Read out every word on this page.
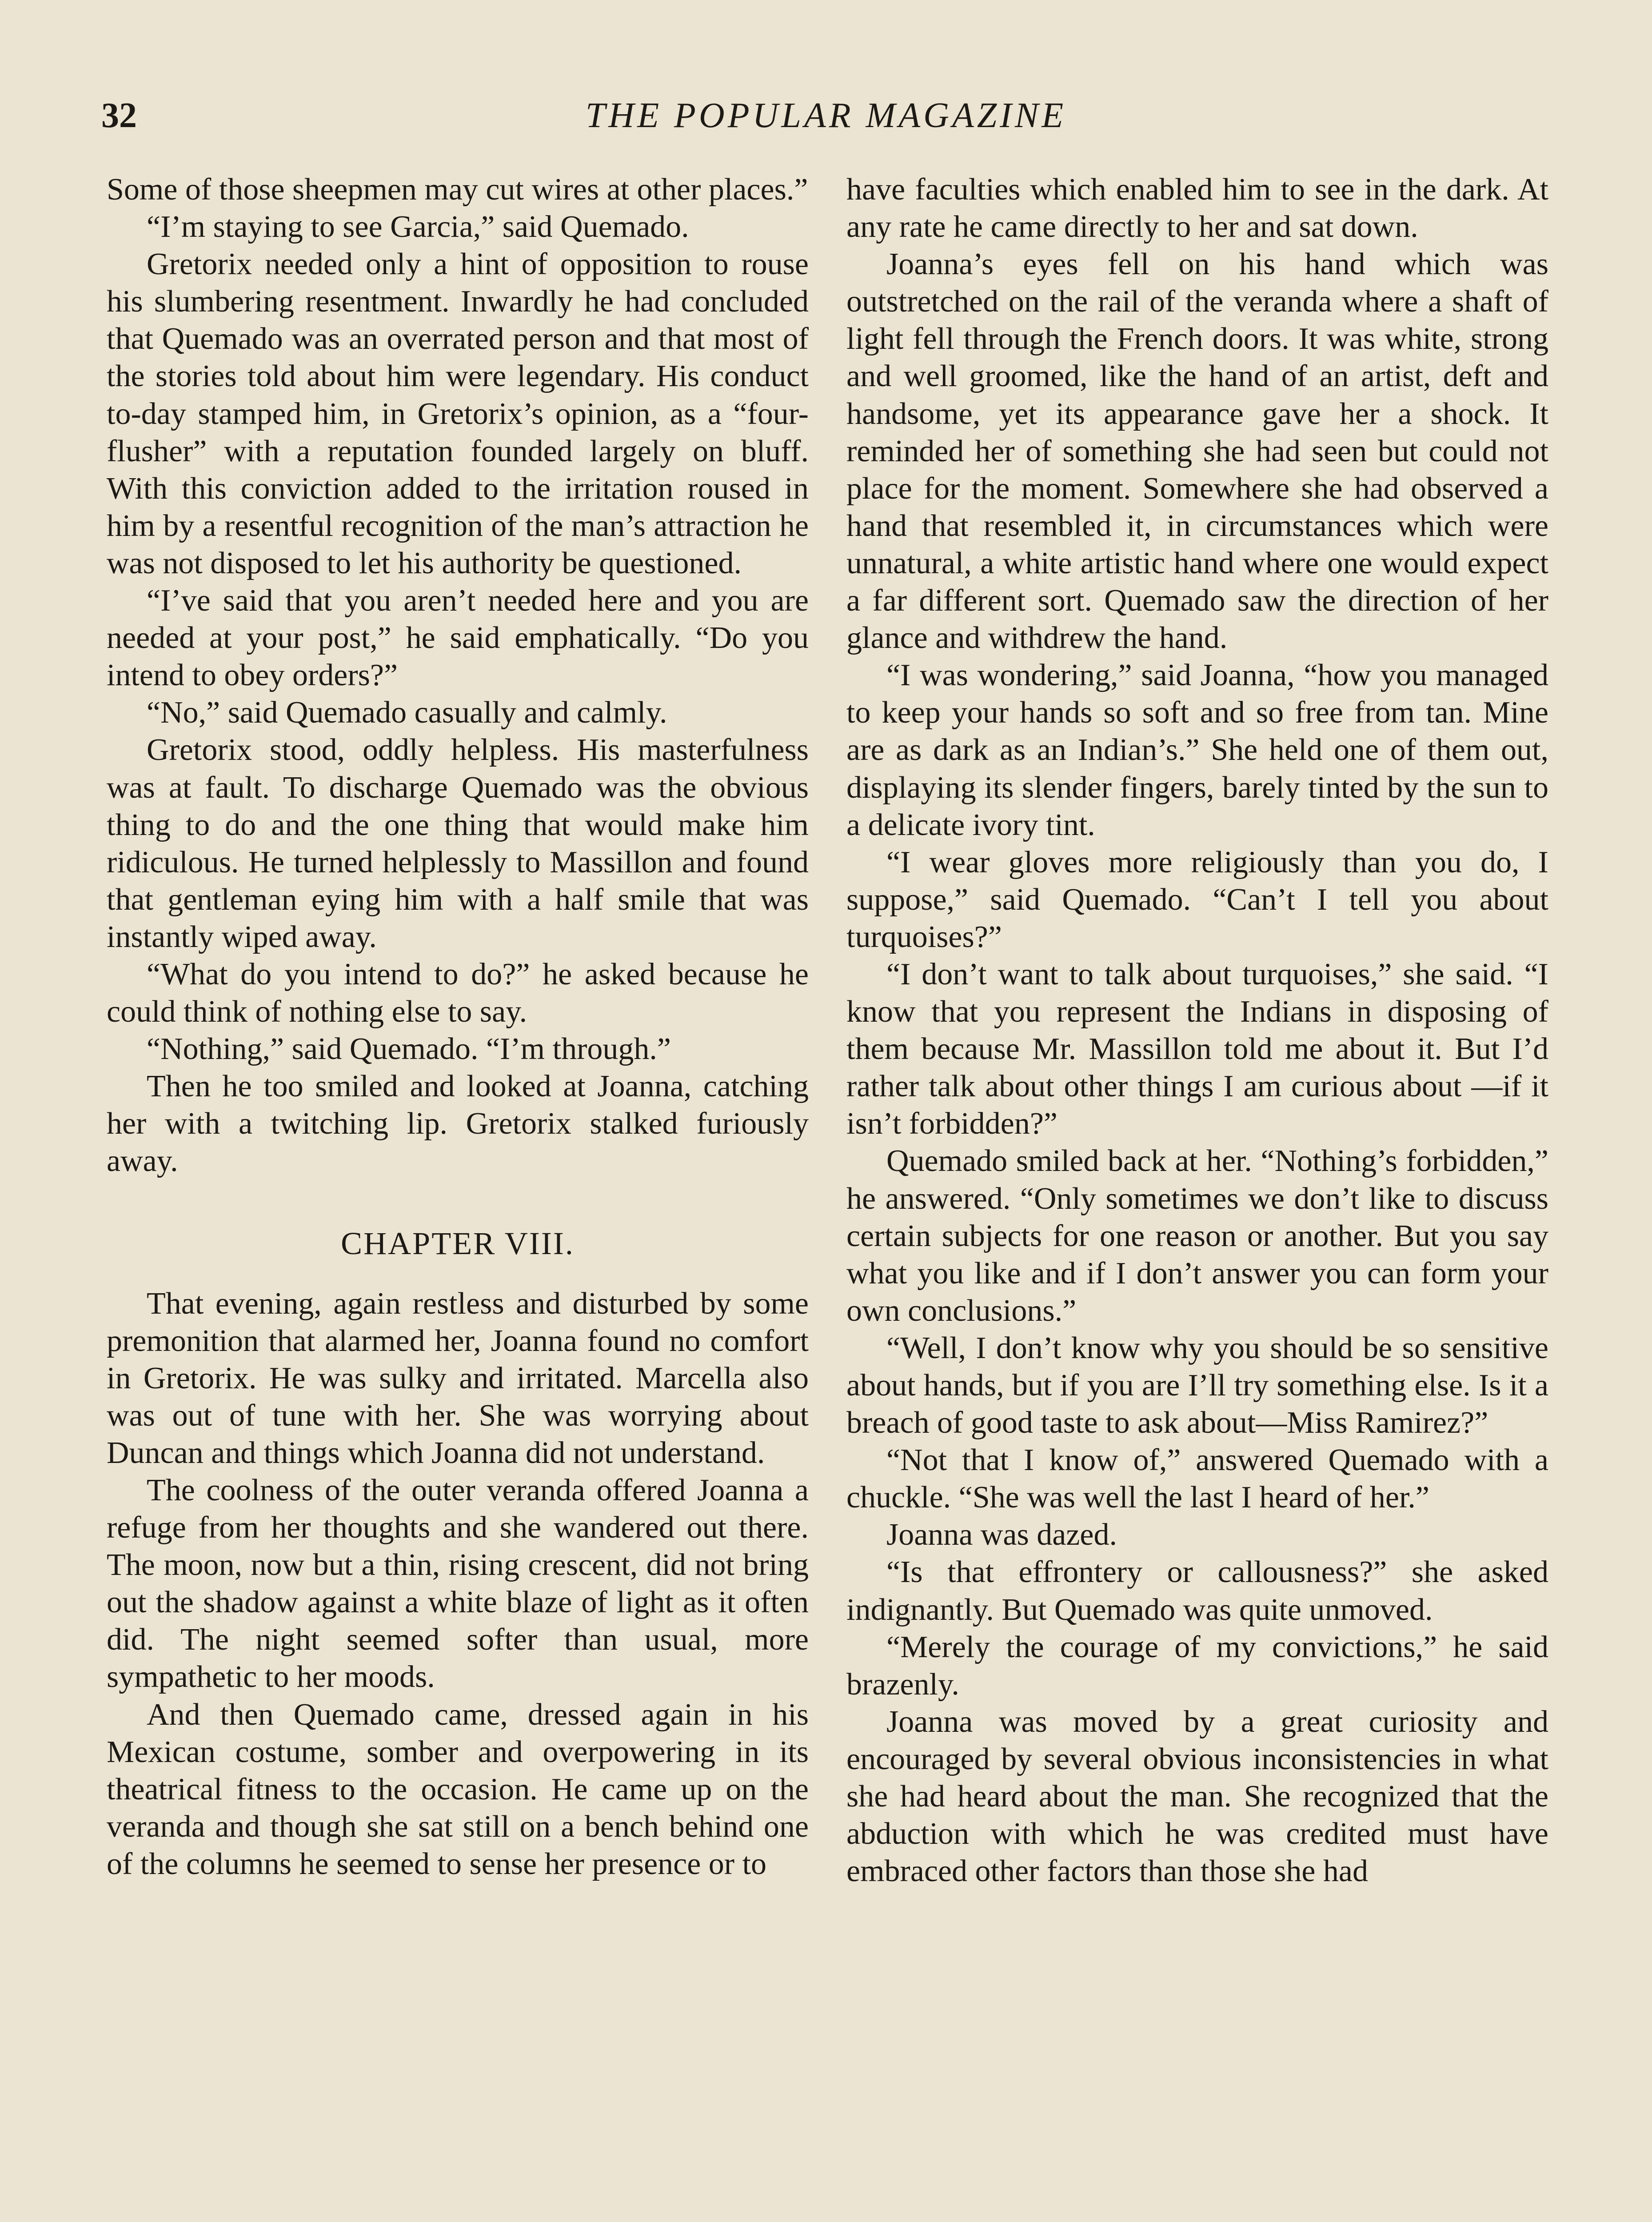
32	THE POPULAR MAGAZINE

Some of those sheepmen may cut wires at other places.”

“I’m staying to see Garcia,” said Quemado.

Gretorix needed only a hint of opposition to rouse his slumbering resentment. Inwardly he had concluded that Quemado was an overrated person and that most of the stories told about him were legendary. His conduct to-day stamped him, in Gretorix’s opinion, as a “four-flusher” with a reputation founded largely on bluff. With this conviction added to the irritation roused in him by a resentful recognition of the man’s attraction he was not disposed to let his authority be questioned.

“I’ve said that you aren’t needed here and you are needed at your post,” he said emphatically. “Do you intend to obey orders?”

“No,” said Quemado casually and calmly.

Gretorix stood, oddly helpless. His masterfulness was at fault. To discharge Quemado was the obvious thing to do and the one thing that would make him ridiculous. He turned helplessly to Massillon and found that gentleman eying him with a half smile that was instantly wiped away.

“What do you intend to do?” he asked because he could think of nothing else to say.

“Nothing,” said Quemado. “I’m through.”

Then he too smiled and looked at Joanna, catching her with a twitching lip. Gretorix stalked furiously away.

CHAPTER VIII.

That evening, again restless and disturbed by some premonition that alarmed her, Joanna found no comfort in Gretorix. He was sulky and irritated. Marcella also was out of tune with her. She was worrying about Duncan and things which Joanna did not understand.

The coolness of the outer veranda offered Joanna a refuge from her thoughts and she wandered out there. The moon, now but a thin, rising crescent, did not bring out the shadow against a white blaze of light as it often did. The night seemed softer than usual, more sympathetic to her moods.

And then Quemado came, dressed again in his Mexican costume, somber and overpowering in its theatrical fitness to the occasion. He came up on the veranda and though she sat still on a bench behind one of the columns he seemed to sense her presence or to

have faculties which enabled him to see in the dark. At any rate he came directly to her and sat down.

Joanna’s eyes fell on his hand which was outstretched on the rail of the veranda where a shaft of light fell through the French doors. It was white, strong and well groomed, like the hand of an artist, deft and handsome, yet its appearance gave her a shock. It reminded her of something she had seen but could not place for the moment. Somewhere she had observed a hand that resembled it, in circumstances which were unnatural, a white artistic hand where one would expect a far different sort. Quemado saw the direction of her glance and withdrew the hand.

“I was wondering,” said Joanna, “how you managed to keep your hands so soft and so free from tan. Mine are as dark as an Indian’s.” She held one of them out, displaying its slender fingers, barely tinted by the sun to a delicate ivory tint.

“I wear gloves more religiously than you do, I suppose,” said Quemado. “Can’t I tell you about turquoises?”

“I don’t want to talk about turquoises,” she said. “I know that you represent the Indians in disposing of them because Mr. Massillon told me about it. But I’d rather talk about other things I am curious about —if it isn’t forbidden?”

Quemado smiled back at her. “Nothing’s forbidden,” he answered. “Only sometimes we don’t like to discuss certain subjects for one reason or another. But you say what you like and if I don’t answer you can form your own conclusions.”

“Well, I don’t know why you should be so sensitive about hands, but if you are I’ll try something else. Is it a breach of good taste to ask about—Miss Ramirez?”

“Not that I know of,” answered Quemado with a chuckle. “She was well the last I heard of her.”

Joanna was dazed.

“Is that effrontery or callousness?” she asked indignantly. But Quemado was quite unmoved.

“Merely the courage of my convictions,” he said brazenly.

Joanna was moved by a great curiosity and encouraged by several obvious inconsistencies in what she had heard about the man. She recognized that the abduction with which he was credited must have embraced other factors than those she had
